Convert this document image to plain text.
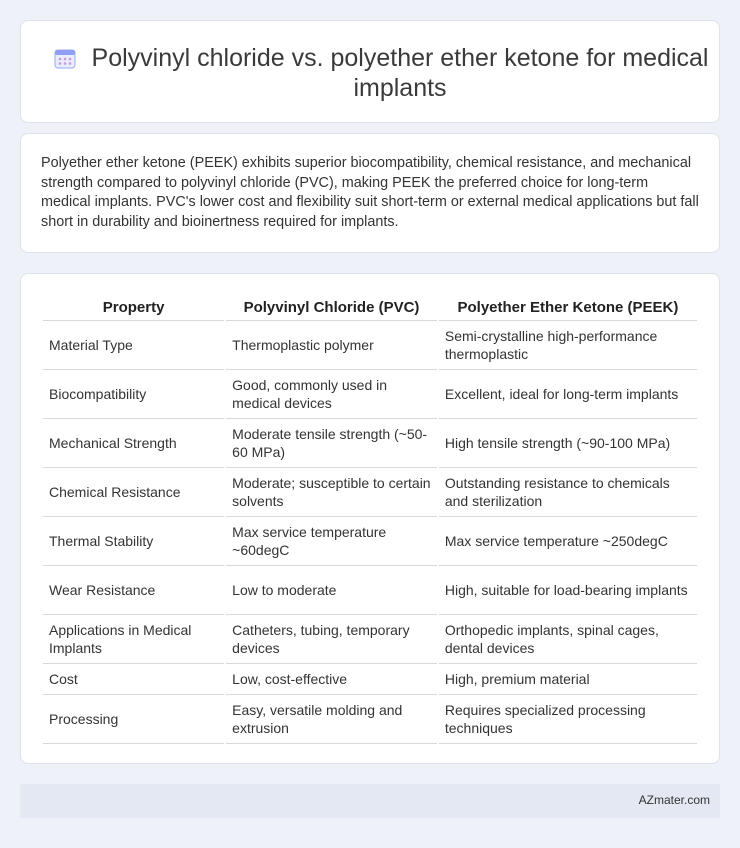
Polyvinyl chloride vs. polyether ether ketone for medical implants

Polyether ether ketone (PEEK) exhibits superior biocompatibility, chemical resistance, and mechanical strength compared to polyvinyl chloride (PVC), making PEEK the preferred choice for long-term medical implants. PVC's lower cost and flexibility suit short-term or external medical applications but fall short in durability and bioinertness required for implants.

Property	Polyvinyl Chloride (PVC)	Polyether Ether Ketone (PEEK)
Material Type	Thermoplastic polymer	Semi-crystalline high-performance thermoplastic
Biocompatibility	Good, commonly used in medical devices	Excellent, ideal for long-term implants
Mechanical Strength	Moderate tensile strength (~50-60 MPa)	High tensile strength (~90-100 MPa)
Chemical Resistance	Moderate; susceptible to certain solvents	Outstanding resistance to chemicals and sterilization
Thermal Stability	Max service temperature ~60degC	Max service temperature ~250degC
Wear Resistance	Low to moderate	High, suitable for load-bearing implants
Applications in Medical Implants	Catheters, tubing, temporary devices	Orthopedic implants, spinal cages, dental devices
Cost	Low, cost-effective	High, premium material
Processing	Easy, versatile molding and extrusion	Requires specialized processing techniques
AZmater.com
